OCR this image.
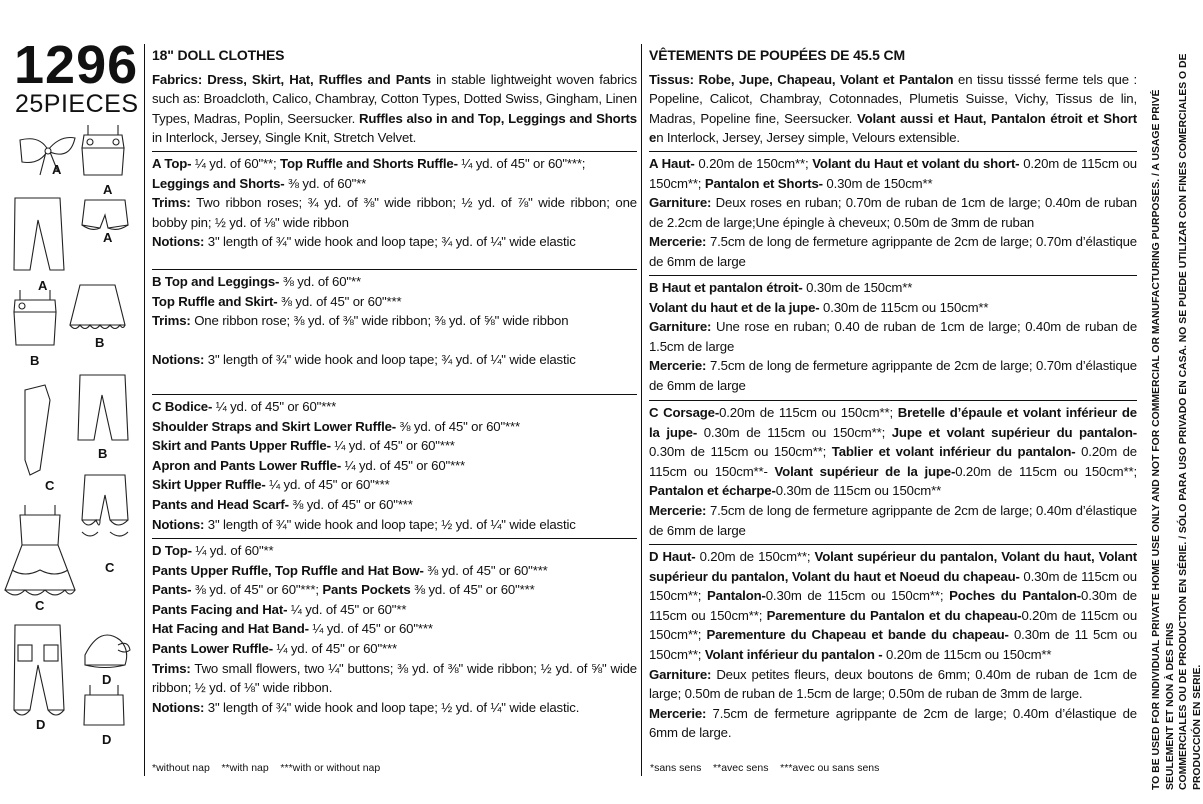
1296
25PIECES
A
A
A
A
B
B
B
C
C
C
D
D
D

18" DOLL CLOTHES

Fabrics: Dress, Skirt, Hat, Ruffles and Pants in stable lightweight woven fabrics such as: Broadcloth, Calico, Chambray, Cotton Types, Dotted Swiss, Gingham, Linen Types, Madras, Poplin, Seersucker. Ruffles also in and Top, Leggings and Shorts in Interlock, Jersey, Single Knit, Stretch Velvet.

A Top- ¼ yd. of 60"**; Top Ruffle and Shorts Ruffle- ¼ yd. of 45" or 60"***;

Leggings and Shorts- ⅜ yd. of 60"**

Trims: Two ribbon roses; ¾ yd. of ⅜" wide ribbon; ½ yd. of ⅞" wide ribbon; one bobby pin; ½ yd. of ⅛" wide ribbon

Notions: 3" length of ¾" wide hook and loop tape; ¾ yd. of ¼" wide elastic

B Top and Leggings- ⅜ yd. of 60"**

Top Ruffle and Skirt- ⅜ yd. of 45" or 60"***

Trims: One ribbon rose; ⅜ yd. of ⅜" wide ribbon; ⅜ yd. of ⅝" wide ribbon

Notions: 3" length of ¾" wide hook and loop tape; ¾ yd. of ¼" wide elastic

C Bodice- ¼ yd. of 45" or 60"***

Shoulder Straps and Skirt Lower Ruffle- ⅜ yd. of 45" or 60"***

Skirt and Pants Upper Ruffle- ¼ yd. of 45" or 60"***

Apron and Pants Lower Ruffle- ¼ yd. of 45" or 60"***

Skirt Upper Ruffle- ¼ yd. of 45" or 60"***

Pants and Head Scarf- ⅜ yd. of 45" or 60"***

Notions: 3" length of ¾" wide hook and loop tape; ½ yd. of ¼" wide elastic

D Top- ¼ yd. of 60"**

Pants Upper Ruffle, Top Ruffle and Hat Bow- ⅜ yd. of 45" or 60"***

Pants- ⅜ yd. of 45" or 60"***; Pants Pockets ⅜ yd. of 45" or 60"***

Pants Facing and Hat- ¼ yd. of 45" or 60"**

Hat Facing and Hat Band- ¼ yd. of 45" or 60"***

Pants Lower Ruffle- ¼ yd. of 45" or 60"***

Trims: Two small flowers, two ¼" buttons; ⅜ yd. of ⅜" wide ribbon; ½ yd. of ⅝" wide ribbon; ½ yd. of ⅛" wide ribbon.

Notions: 3" length of ¾" wide hook and loop tape; ½ yd. of ¼" wide elastic.

VÊTEMENTS DE POUPÉES DE 45.5 CM

Tissus: Robe, Jupe, Chapeau, Volant et Pantalon en tissu tisssé ferme tels que : Popeline, Calicot, Chambray, Cotonnades, Plumetis Suisse, Vichy, Tissus de lin, Madras, Popeline fine, Seersucker. Volant aussi et Haut, Pantalon étroit et Short en Interlock, Jersey, Jersey simple, Velours extensible.

A Haut- 0.20m de 150cm**; Volant du Haut et volant du short- 0.20m de 115cm ou 150cm**; Pantalon et Shorts- 0.30m de 150cm**

Garniture: Deux roses en ruban; 0.70m de ruban de 1cm de large; 0.40m de ruban de 2.2cm de large;Une épingle à cheveux; 0.50m de 3mm de ruban

Mercerie: 7.5cm de long de fermeture agrippante de 2cm de large; 0.70m d’élastique de 6mm de large

B Haut et pantalon étroit- 0.30m de 150cm**

Volant du haut et de la jupe- 0.30m de 115cm ou 150cm**

Garniture: Une rose en ruban; 0.40 de ruban de 1cm de large; 0.40m de ruban de 1.5cm de large

Mercerie: 7.5cm de long de fermeture agrippante de 2cm de large; 0.70m d’élastique de 6mm de large

C Corsage-0.20m de 115cm ou 150cm**; Bretelle d’épaule et volant inférieur de la jupe- 0.30m de 115cm ou 150cm**; Jupe et volant supérieur du pantalon- 0.30m de 115cm ou 150cm**; Tablier et volant inférieur du pantalon- 0.20m de 115cm ou 150cm**- Volant supérieur de la jupe-0.20m de 115cm ou 150cm**; Pantalon et écharpe-0.30m de 115cm ou 150cm**

Mercerie: 7.5cm de long de fermeture agrippante de 2cm de large; 0.40m d’élastique de 6mm de large

D Haut- 0.20m de 150cm**; Volant supérieur du pantalon, Volant du haut, Volant supérieur du pantalon, Volant du haut et Noeud du chapeau- 0.30m de 115cm ou 150cm**; Pantalon-0.30m de 115cm ou 150cm**; Poches du Pantalon-0.30m de 115cm ou 150cm**; Parementure du Pantalon et du chapeau-0.20m de 115cm ou 150cm**; Parementure du Chapeau et bande du chapeau- 0.30m de 11 5cm ou 150cm**; Volant inférieur du pantalon - 0.20m de 115cm ou 150cm**

Garniture: Deux petites fleurs, deux boutons de 6mm; 0.40m de ruban de 1cm de large; 0.50m de ruban de 1.5cm de large; 0.50m de ruban de 3mm de large.

Mercerie: 7.5cm de fermeture agrippante de 2cm de large; 0.40m d’élastique de 6mm de large.

*without nap    **with nap    ***with or without nap	*sans sens    **avec sens    ***avec ou sans sens	TO BE USED FOR INDIVIDUAL PRIVATE HOME USE ONLY AND NOT FOR COMMERCIAL OR MANUFACTURING PURPOSES. / A USAGE PRIVÉ SEULEMENT ET NON À DES FINS COMMERCIALES OU DE PRODUCTION EN SÉRIE. / SÓLO PARA USO PRIVADO EN CASA. NO SE PUEDE UTILIZAR CON FINES COMERCIALES O DE PRODUCCIÓN EN SERIE.
